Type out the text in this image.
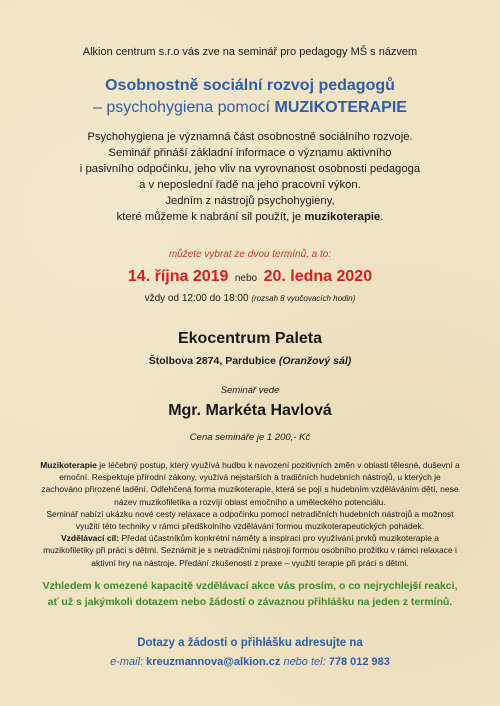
Alkion centrum s.r.o vás zve na seminář pro pedagogy MŠ s názvem
Osobnostně sociální rozvoj pedagogů
– psychohygiena pomocí MUZIKOTERAPIE
Psychohygiena je významná část osobnostně sociálního rozvoje.
Seminář přináší základní informace o významu aktivního
i pasivního odpočinku, jeho vliv na vyrovnanost osobnosti pedagoga
a v neposlední řadě na jeho pracovní výkon.
Jedním z nástrojů psychohygieny,
které můžeme k nabrání sil použít, je muzikoterapie.
můžete vybrat ze dvou termínů, a to:
14. října 2019 nebo 20. ledna 2020
vždy od 12:00 do 18:00 (rozsah 8 vyučovacích hodin)
Ekocentrum Paleta
Štolbova 2874, Pardubice (Oranžový sál)
Seminář vede
Mgr. Markéta Havlová
Cena semináře je 1 200,- Kč
Muzikoterapie je léčebný postup, který využívá hudbu k navození pozitivních změn v oblasti tělesné, duševní a emoční. Respektuje přírodní zákony, využívá nejstarších a tradičních hudebních nástrojů, u kterých je zachováno přirozené ladění. Odlehčená forma muzikoterapie, která se pojí s hudebním vzděláváním dětí, nese název muzikofiletika a rozvíjí oblast emočního a uměleckého potenciálu.
Seminář nabízí ukázku nové cesty relaxace a odpočinku pomocí netradičních hudebních nástrojů a možnost využití této techniky v rámci předškolního vzdělávání formou muzikoterapeutických pohádek.
Vzdělávací cíl: Předat účastníkům konkrétní náměty a inspiraci pro využívání prvků muzikoterapie a muzikofiletiky při práci s dětmi. Seznámit je s netradičními nástroji formou osobního prožitku v rámci relaxace i aktivní hry na nástroje. Předání zkušeností z praxe – využití terapie při práci s dětmi.
Vzhledem k omezené kapacitě vzdělávací akce vás prosím, o co nejrychlejší reakci,
ať už s jakýmkoli dotazem nebo žádostí o závaznou přihlášku na jeden z termínů.
Dotazy a žádosti o přihlášku adresujte na
e-mail: kreuzmannova@alkion.cz nebo tel: 778 012 983
